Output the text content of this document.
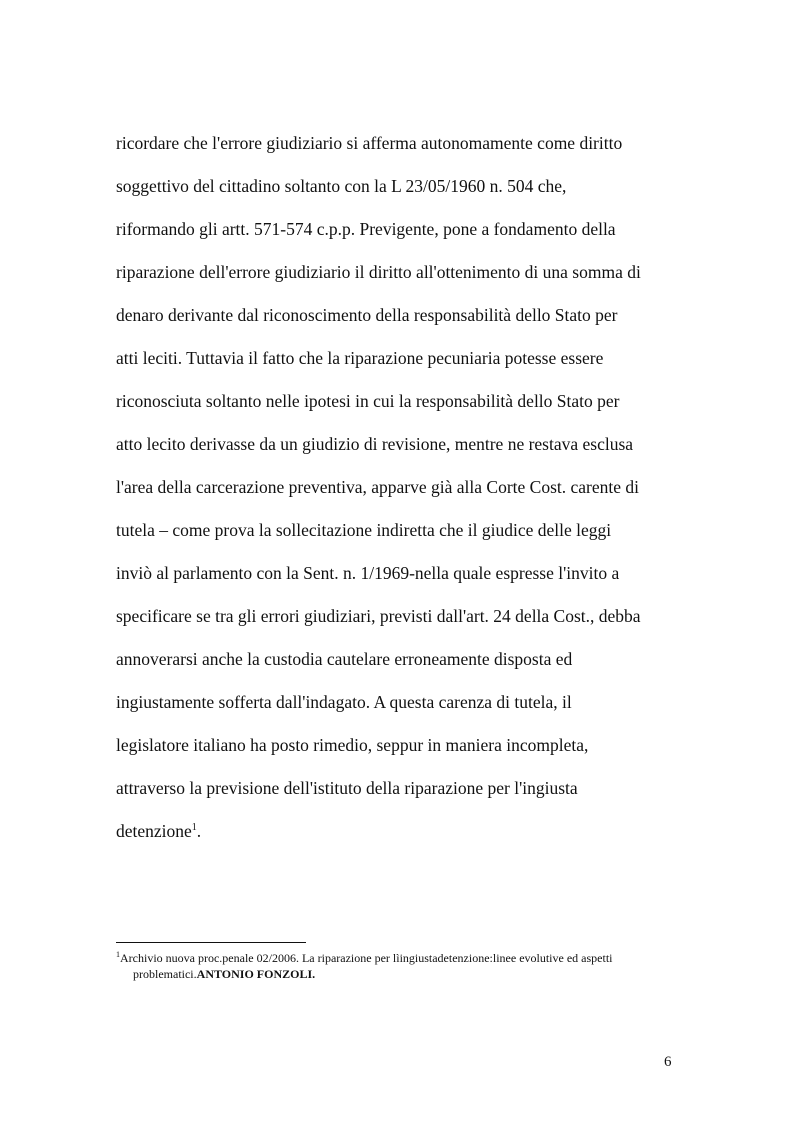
ricordare che l'errore giudiziario si afferma autonomamente come diritto
soggettivo del cittadino soltanto con la L 23/05/1960 n. 504 che,
riformando gli artt. 571-574 c.p.p. Previgente, pone a fondamento della
riparazione dell'errore giudiziario il diritto all'ottenimento di una somma di
denaro derivante dal riconoscimento della responsabilità dello Stato per
atti leciti. Tuttavia il fatto che la riparazione pecuniaria potesse essere
riconosciuta soltanto nelle ipotesi in cui la responsabilità dello Stato per
atto lecito derivasse da un giudizio di revisione, mentre ne restava esclusa
l'area della carcerazione preventiva, apparve già alla Corte Cost. carente di
tutela – come prova la sollecitazione indiretta che il giudice delle leggi
inviò al parlamento con la Sent. n. 1/1969-nella quale espresse l'invito a
specificare se tra gli errori giudiziari, previsti dall'art. 24 della Cost., debba
annoverarsi anche la custodia cautelare erroneamente disposta ed
ingiustamente sofferta dall'indagato. A questa carenza di tutela, il
legislatore italiano ha posto rimedio, seppur in maniera incompleta,
attraverso la previsione dell'istituto della riparazione per l'ingiusta
detenzione$^1$.
$^1$Archivio nuova proc.penale 02/2006. La riparazione per lìingiustadetenzione:linee evolutive ed aspetti
problematici.ANTONIO FONZOLI.
6
